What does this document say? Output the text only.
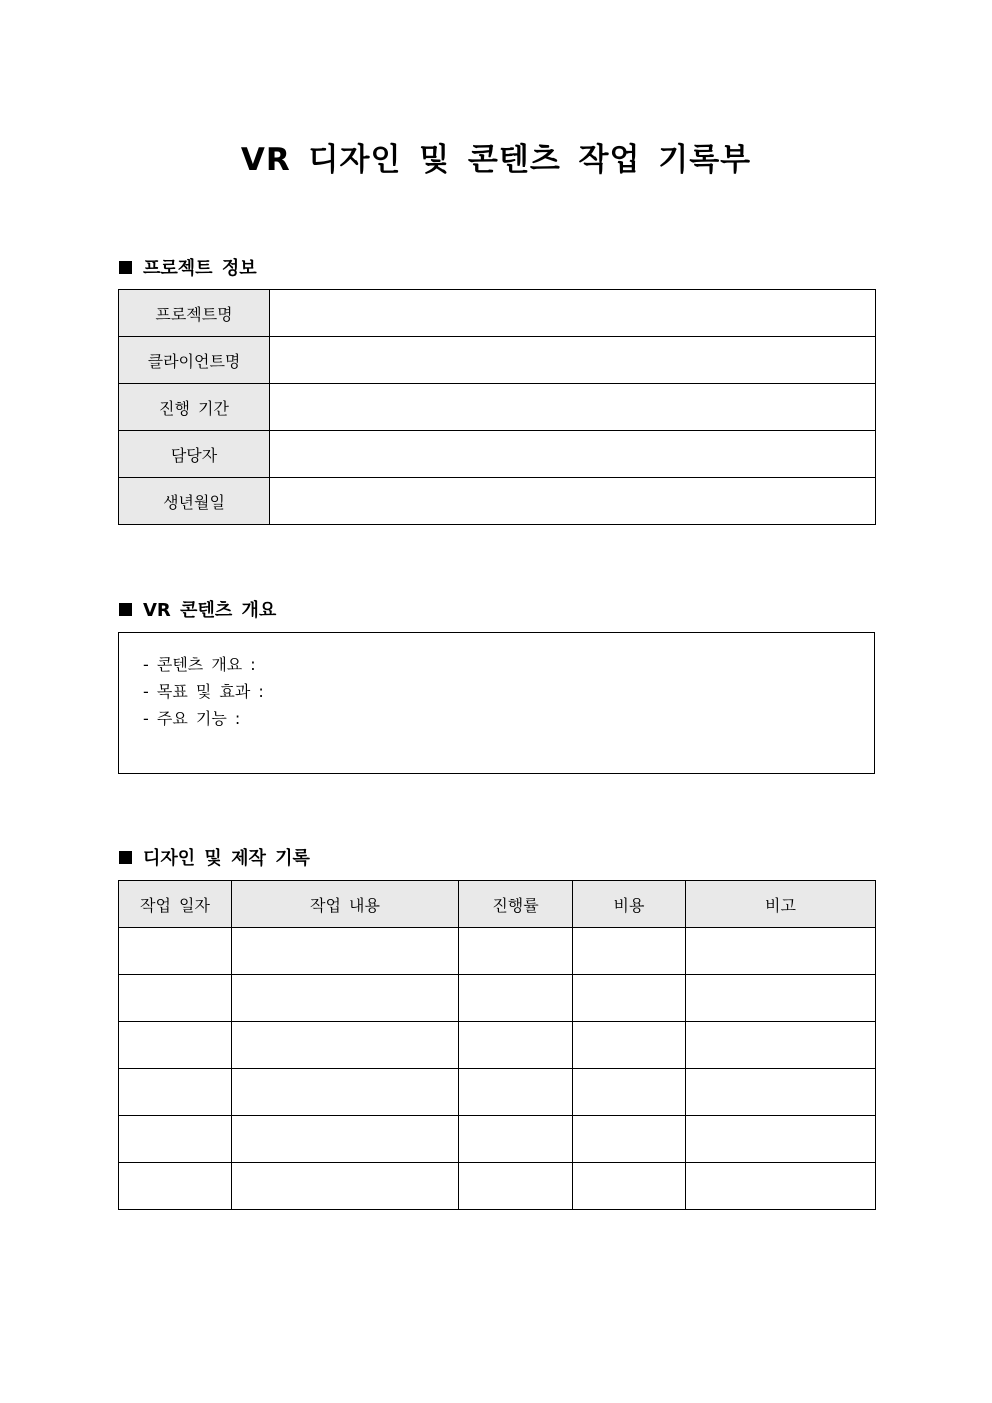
VR 디자인 및 콘텐츠 작업 기록부
프로젝트 정보
프로젝트명	
클라이언트명	
진행 기간	
담당자	
생년월일	
VR 콘텐츠 개요
- 콘텐츠 개요 :
- 목표 및 효과 :
- 주요 기능 :
디자인 및 제작 기록
작업 일자	작업 내용	진행률	비용	비고
